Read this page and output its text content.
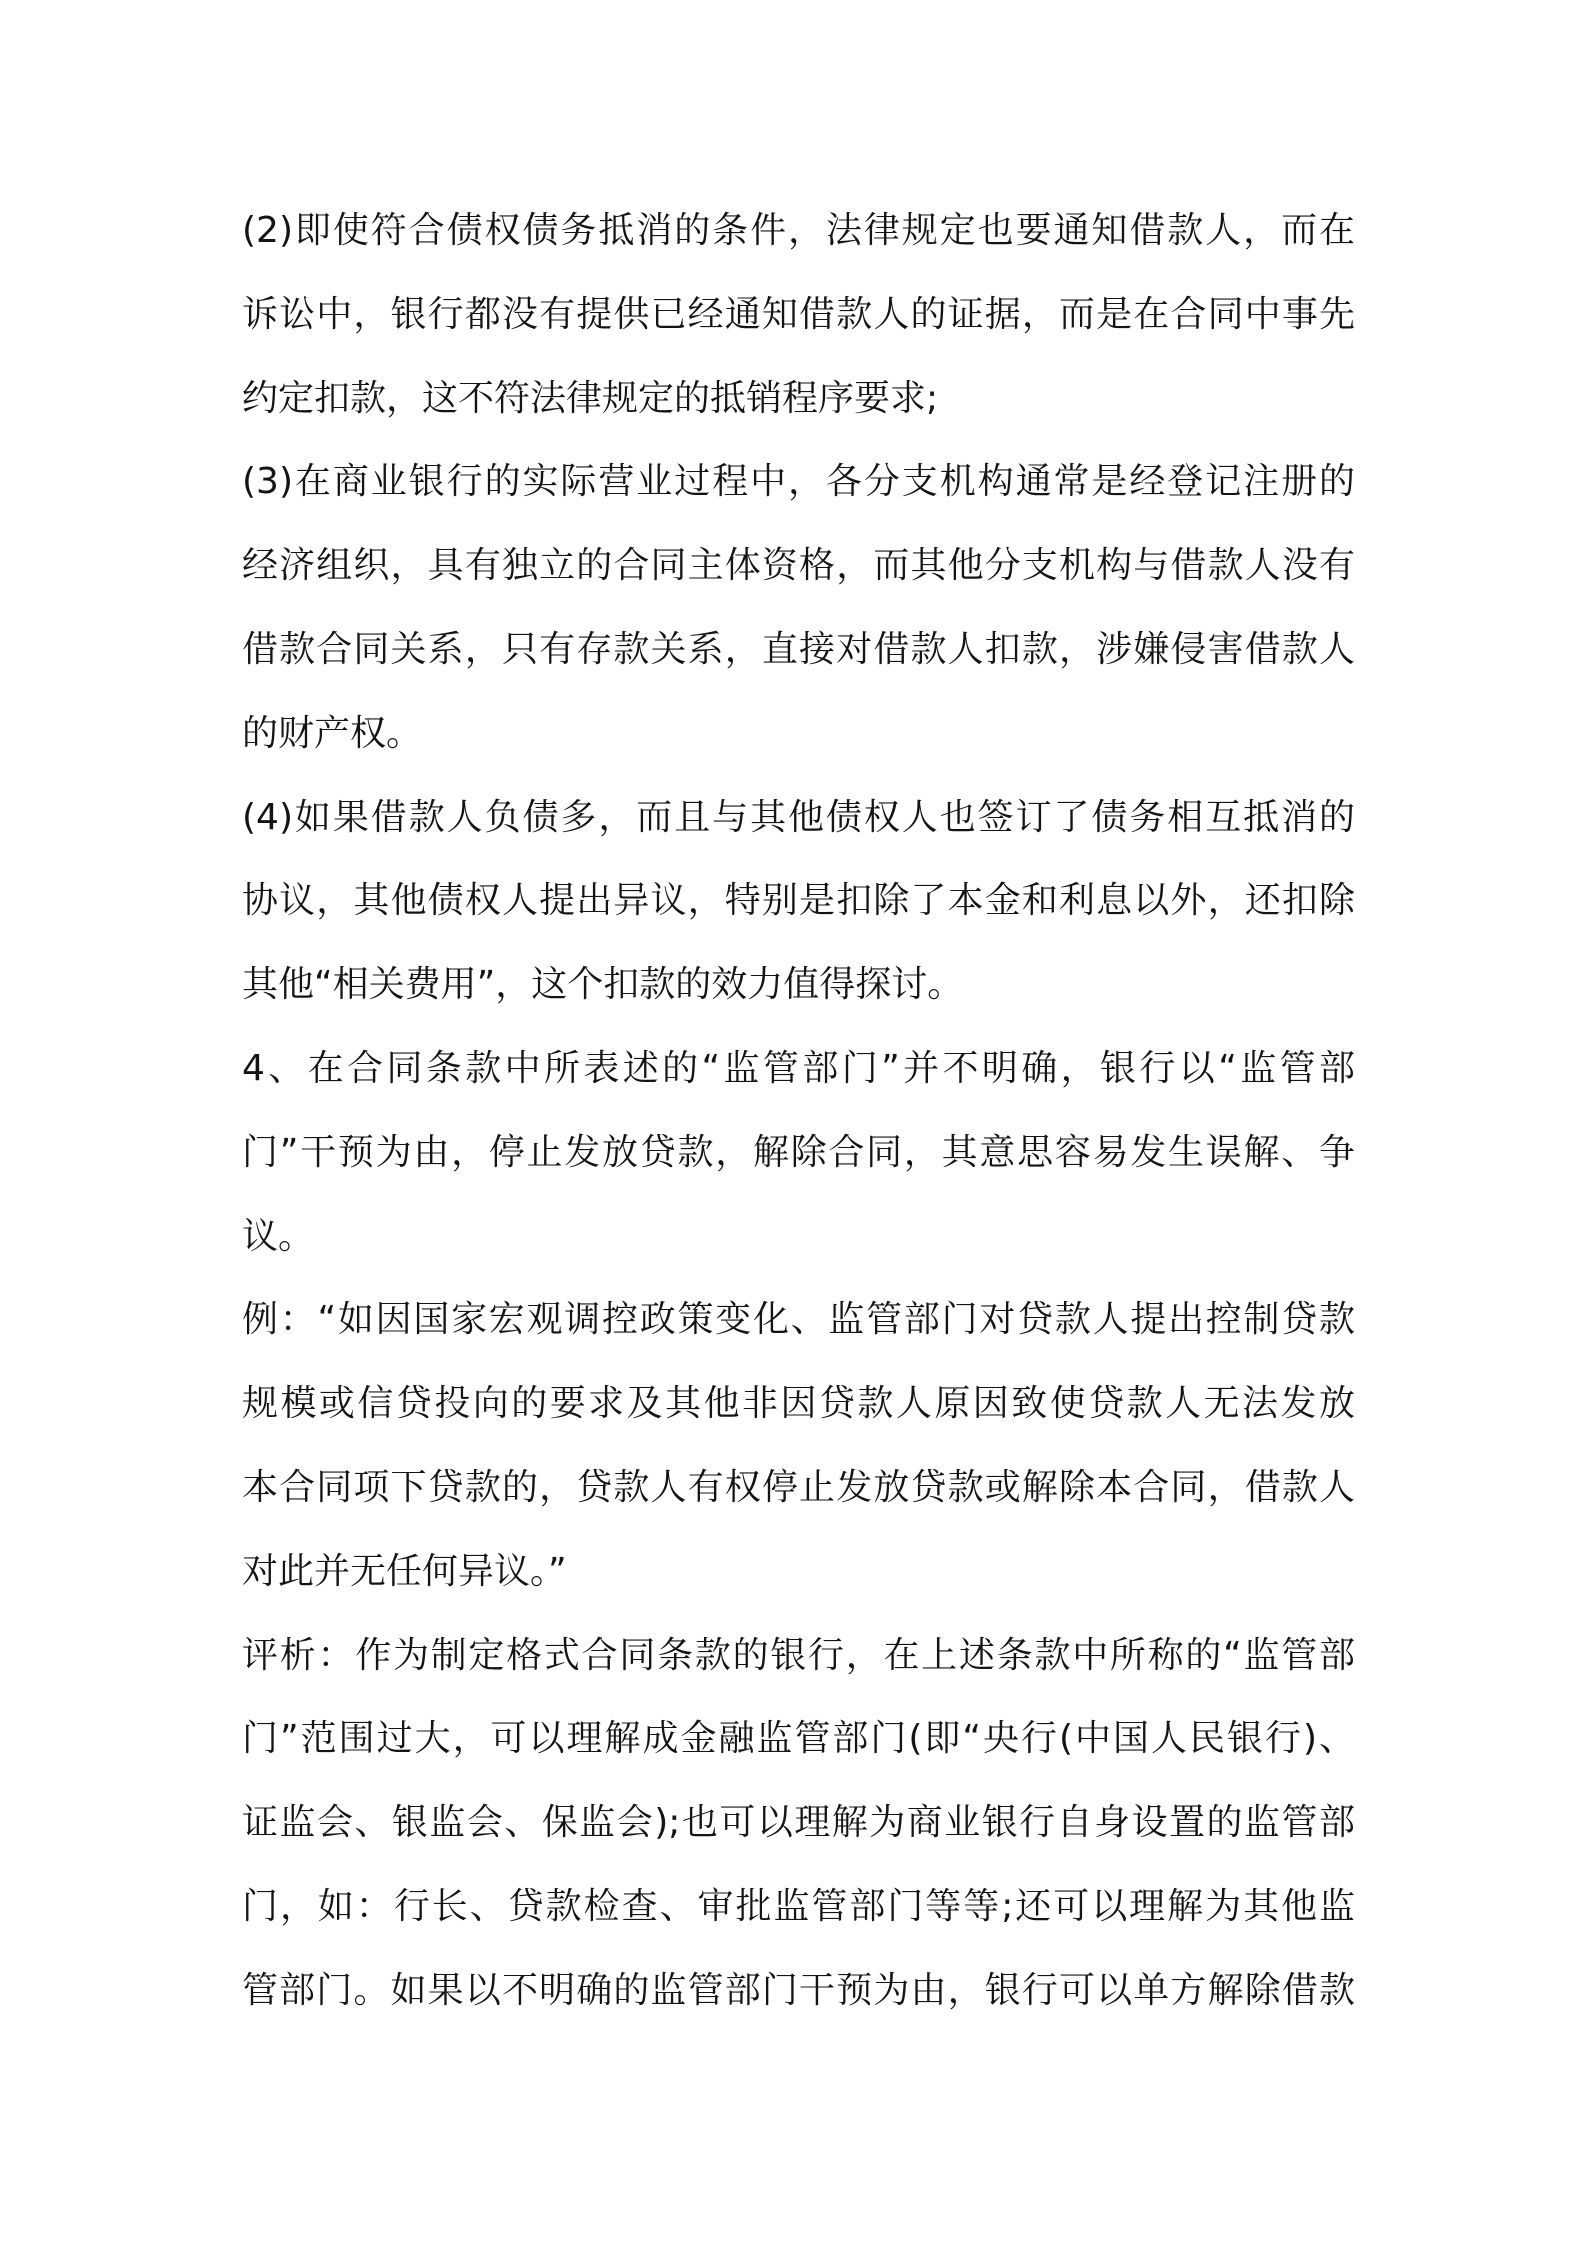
(2)即使符合债权债务抵消的条件，法律规定也要通知借款人，而在
诉讼中，银行都没有提供已经通知借款人的证据，而是在合同中事先
约定扣款，这不符法律规定的抵销程序要求;
(3)在商业银行的实际营业过程中，各分支机构通常是经登记注册的
经济组织，具有独立的合同主体资格，而其他分支机构与借款人没有
借款合同关系，只有存款关系，直接对借款人扣款，涉嫌侵害借款人
的财产权。
(4)如果借款人负债多，而且与其他债权人也签订了债务相互抵消的
协议，其他债权人提出异议，特别是扣除了本金和利息以外，还扣除
其他“相关费用”，这个扣款的效力值得探讨。
4、在合同条款中所表述的“监管部门”并不明确，银行以“监管部
门”干预为由，停止发放贷款，解除合同，其意思容易发生误解、争
议。
例：“如因国家宏观调控政策变化、监管部门对贷款人提出控制贷款
规模或信贷投向的要求及其他非因贷款人原因致使贷款人无法发放
本合同项下贷款的，贷款人有权停止发放贷款或解除本合同，借款人
对此并无任何异议。”
评析：作为制定格式合同条款的银行，在上述条款中所称的“监管部
门”范围过大，可以理解成金融监管部门(即“央行(中国人民银行)、
证监会、银监会、保监会);也可以理解为商业银行自身设置的监管部
门，如：行长、贷款检查、审批监管部门等等;还可以理解为其他监
管部门。如果以不明确的监管部门干预为由，银行可以单方解除借款
